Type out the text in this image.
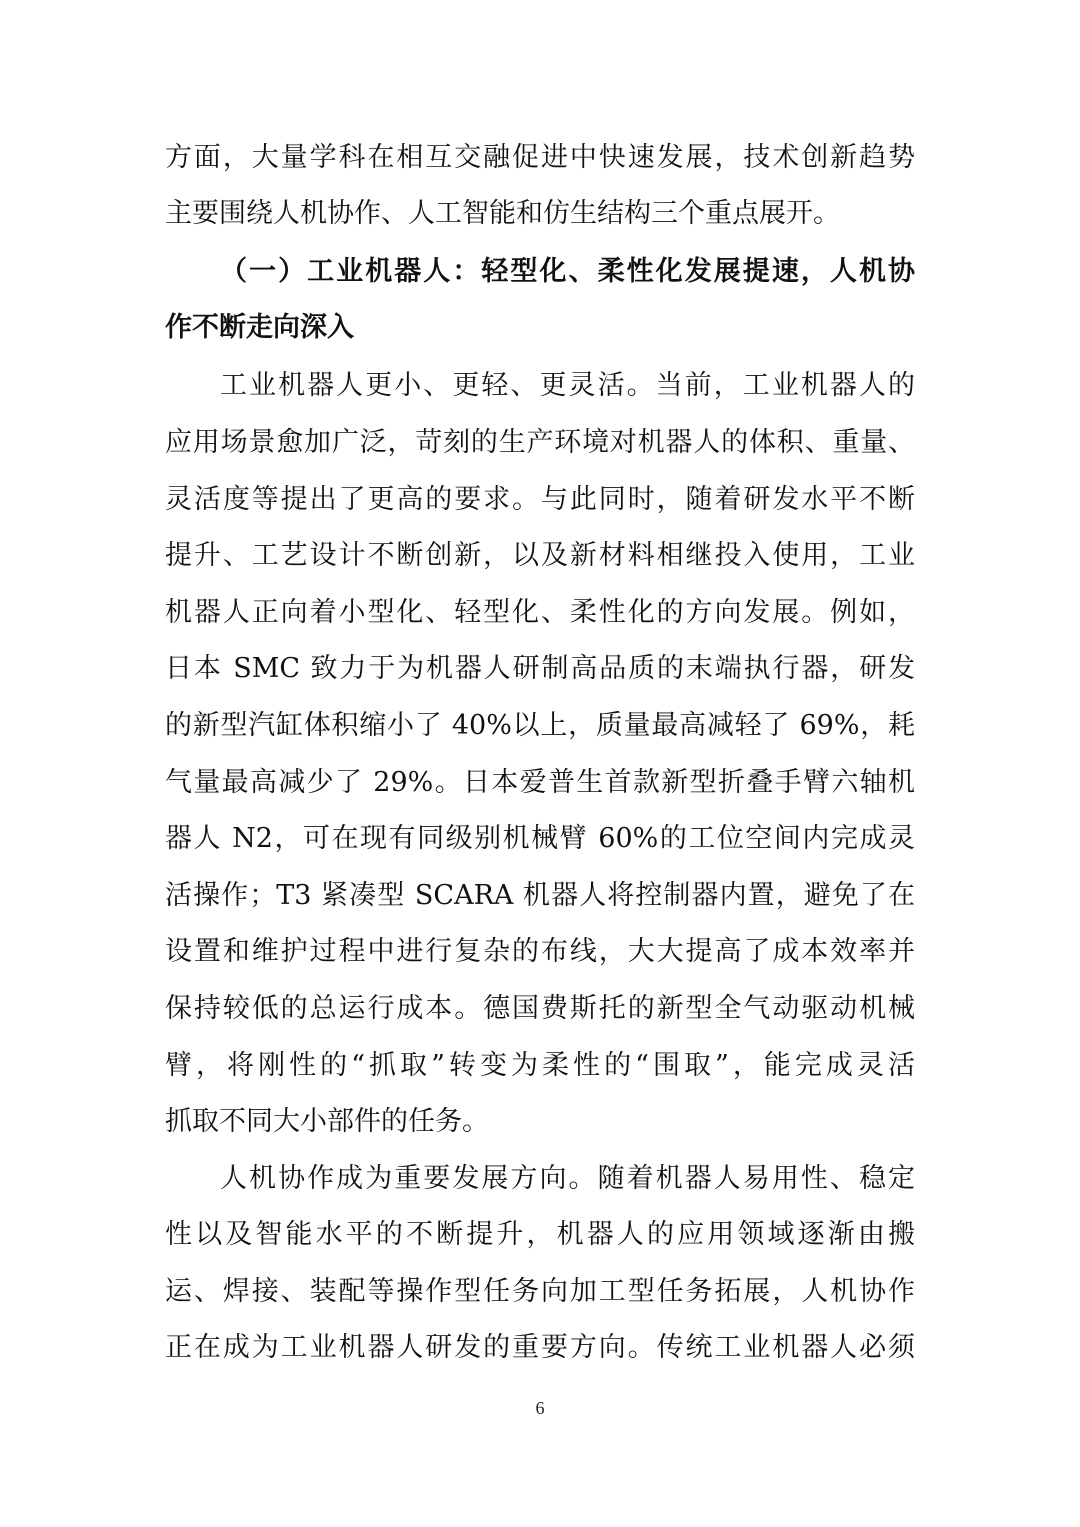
方面，大量学科在相互交融促进中快速发展，技术创新趋势
主要围绕人机协作、人工智能和仿生结构三个重点展开。
（一）工业机器人：轻型化、柔性化发展提速，人机协
作不断走向深入
工业机器人更小、更轻、更灵活。当前，工业机器人的
应用场景愈加广泛，苛刻的生产环境对机器人的体积、重量、
灵活度等提出了更高的要求。与此同时，随着研发水平不断
提升、工艺设计不断创新，以及新材料相继投入使用，工业
机器人正向着小型化、轻型化、柔性化的方向发展。例如，
日本 SMC 致力于为机器人研制高品质的末端执行器，研发
的新型汽缸体积缩小了 40%以上，质量最高减轻了 69%，耗
气量最高减少了 29%。日本爱普生首款新型折叠手臂六轴机
器人 N2，可在现有同级别机械臂 60%的工位空间内完成灵
活操作；T3 紧凑型 SCARA 机器人将控制器内置，避免了在
设置和维护过程中进行复杂的布线，大大提高了成本效率并
保持较低的总运行成本。德国费斯托的新型全气动驱动机械
臂，将刚性的“抓取”转变为柔性的“围取”，能完成灵活
抓取不同大小部件的任务。
人机协作成为重要发展方向。随着机器人易用性、稳定
性以及智能水平的不断提升，机器人的应用领域逐渐由搬
运、焊接、装配等操作型任务向加工型任务拓展，人机协作
正在成为工业机器人研发的重要方向。传统工业机器人必须
6
